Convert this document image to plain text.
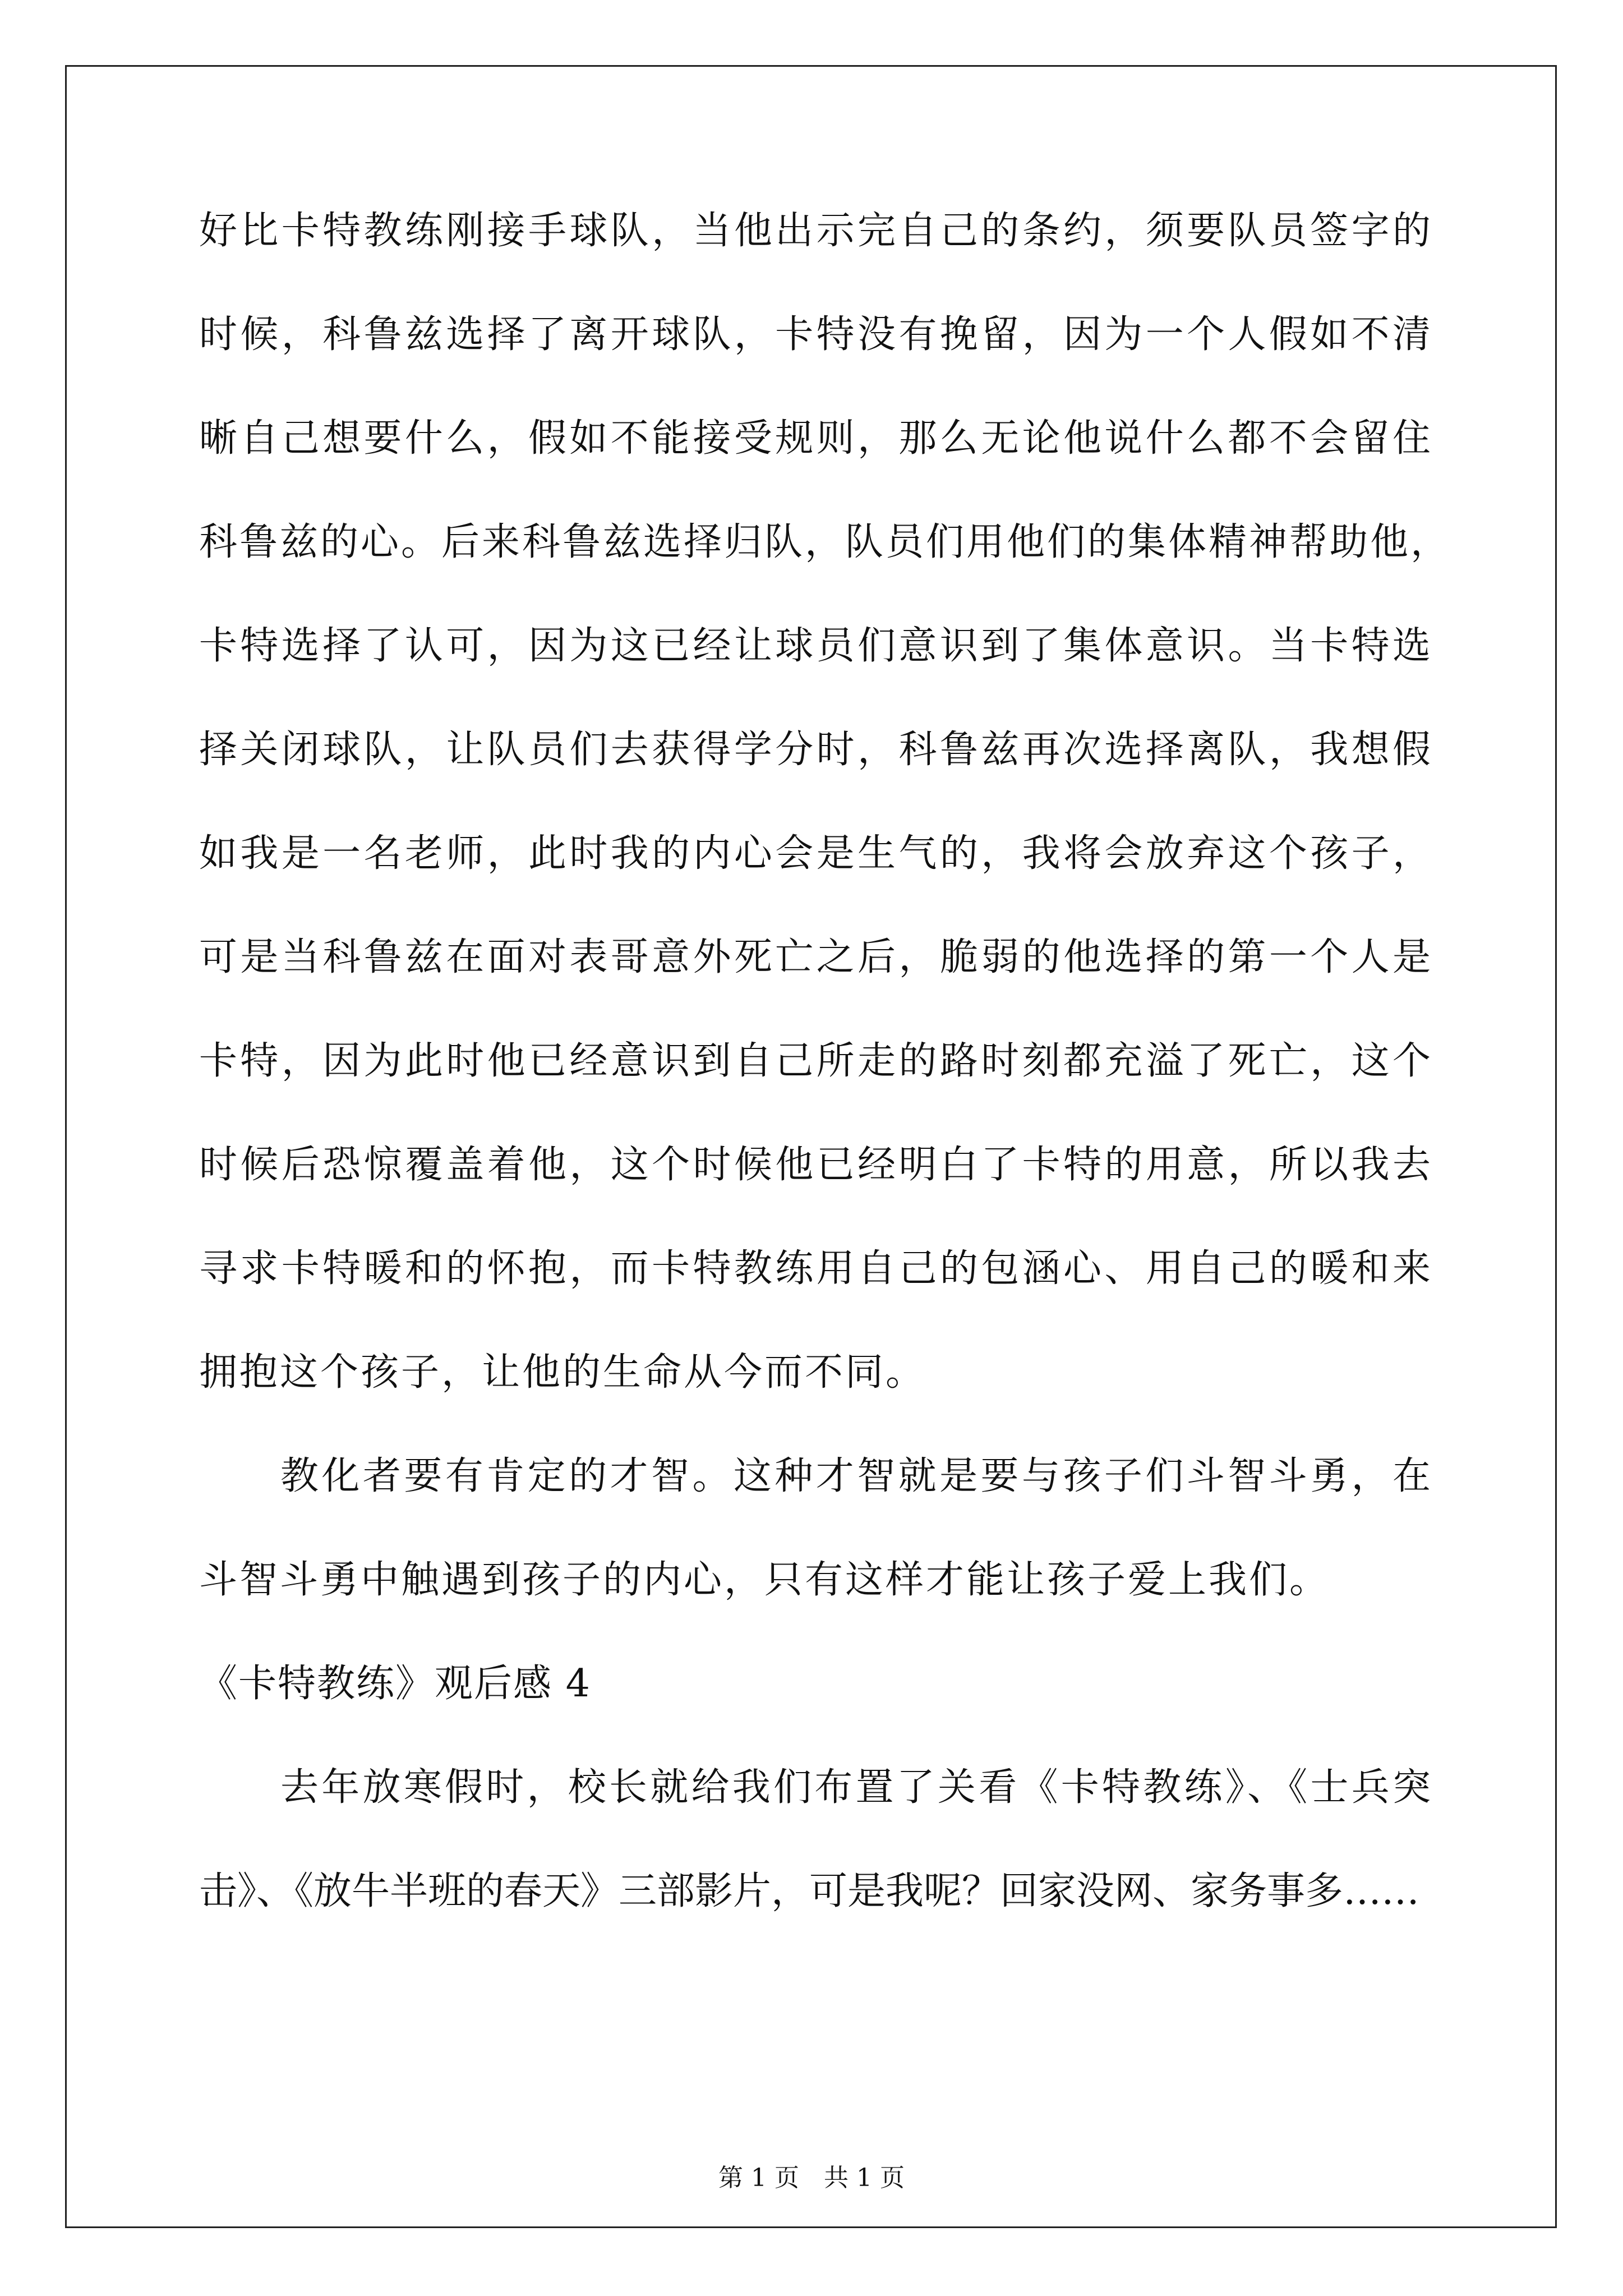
好比卡特教练刚接手球队，当他出示完自己的条约，须要队员签字的
时候，科鲁兹选择了离开球队，卡特没有挽留，因为一个人假如不清
晰自己想要什么，假如不能接受规则，那么无论他说什么都不会留住
科鲁兹的心。后来科鲁兹选择归队，队员们用他们的集体精神帮助他，
卡特选择了认可，因为这已经让球员们意识到了集体意识。当卡特选
择关闭球队，让队员们去获得学分时，科鲁兹再次选择离队，我想假
如我是一名老师，此时我的内心会是生气的，我将会放弃这个孩子，
可是当科鲁兹在面对表哥意外死亡之后，脆弱的他选择的第一个人是
卡特，因为此时他已经意识到自己所走的路时刻都充溢了死亡，这个
时候后恐惊覆盖着他，这个时候他已经明白了卡特的用意，所以我去
寻求卡特暖和的怀抱，而卡特教练用自己的包涵心、用自己的暖和来
拥抱这个孩子，让他的生命从今而不同。
教化者要有肯定的才智。这种才智就是要与孩子们斗智斗勇，在
斗智斗勇中触遇到孩子的内心，只有这样才能让孩子爱上我们。
《卡特教练》观后感 4
去年放寒假时，校长就给我们布置了关看《卡特教练》、《士兵突
击》、《放牛半班的春天》三部影片，可是我呢？回家没网、家务事多……
第 1 页　共 1 页
